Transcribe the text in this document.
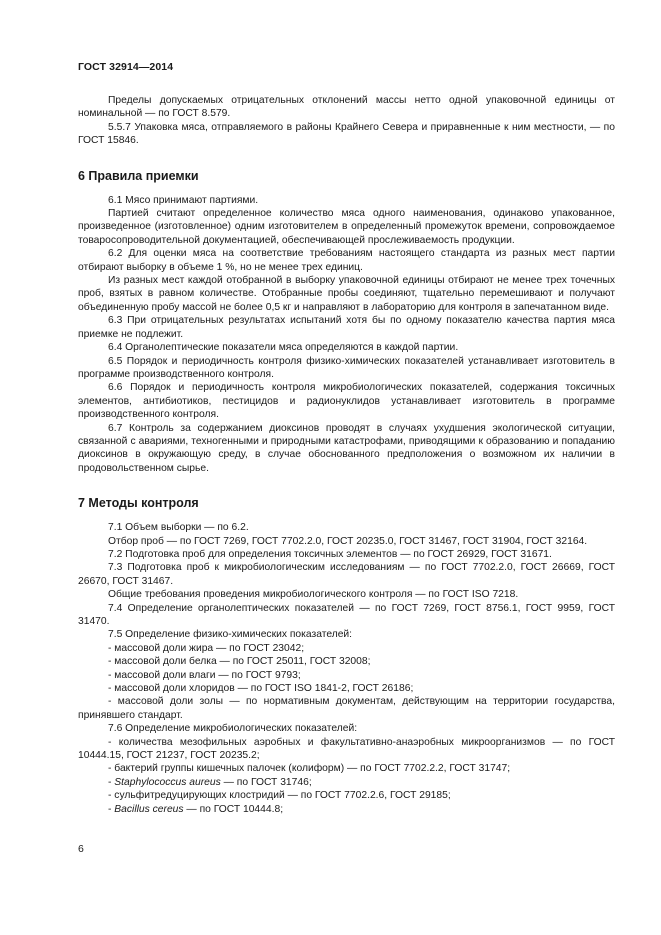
ГОСТ 32914—2014

Пределы допускаемых отрицательных отклонений массы нетто одной упаковочной единицы от номинальной — по ГОСТ 8.579.

5.5.7 Упаковка мяса, отправляемого в районы Крайнего Севера и приравненные к ним местности, — по ГОСТ 15846.

6 Правила приемки

6.1 Мясо принимают партиями.

Партией считают определенное количество мяса одного наименования, одинаково упакованное, произведенное (изготовленное) одним изготовителем в определенный промежуток времени, сопровождаемое товаросопроводительной документацией, обеспечивающей прослеживаемость продукции.

6.2 Для оценки мяса на соответствие требованиям настоящего стандарта из разных мест партии отбирают выборку в объеме 1 %, но не менее трех единиц.

Из разных мест каждой отобранной в выборку упаковочной единицы отбирают не менее трех точечных проб, взятых в равном количестве. Отобранные пробы соединяют, тщательно перемешивают и получают объединенную пробу массой не более 0,5 кг и направляют в лабораторию для контроля в запечатанном виде.

6.3 При отрицательных результатах испытаний хотя бы по одному показателю качества партия мяса приемке не подлежит.

6.4 Органолептические показатели мяса определяются в каждой партии.

6.5 Порядок и периодичность контроля физико-химических показателей устанавливает изготовитель в программе производственного контроля.

6.6 Порядок и периодичность контроля микробиологических показателей, содержания токсичных элементов, антибиотиков, пестицидов и радионуклидов устанавливает изготовитель в программе производственного контроля.

6.7 Контроль за содержанием диоксинов проводят в случаях ухудшения экологической ситуации, связанной с авариями, техногенными и природными катастрофами, приводящими к образованию и попаданию диоксинов в окружающую среду, в случае обоснованного предположения о возможном их наличии в продовольственном сырье.

7 Методы контроля

7.1 Объем выборки — по 6.2.

Отбор проб — по ГОСТ 7269, ГОСТ 7702.2.0, ГОСТ 20235.0, ГОСТ 31467, ГОСТ 31904, ГОСТ 32164.

7.2 Подготовка проб для определения токсичных элементов — по ГОСТ 26929, ГОСТ 31671.

7.3 Подготовка проб к микробиологическим исследованиям — по ГОСТ 7702.2.0, ГОСТ 26669, ГОСТ 26670, ГОСТ 31467.

Общие требования проведения микробиологического контроля — по ГОСТ ISO 7218.

7.4 Определение органолептических показателей — по ГОСТ 7269, ГОСТ 8756.1, ГОСТ 9959, ГОСТ 31470.

7.5 Определение физико-химических показателей:

- массовой доли жира — по ГОСТ 23042;

- массовой доли белка — по ГОСТ 25011, ГОСТ 32008;

- массовой доли влаги — по ГОСТ 9793;

- массовой доли хлоридов — по ГОСТ ISO 1841-2, ГОСТ 26186;

- массовой доли золы — по нормативным документам, действующим на территории государства, принявшего стандарт.

7.6 Определение микробиологических показателей:

- количества мезофильных аэробных и факультативно-анаэробных микроорганизмов — по ГОСТ 10444.15, ГОСТ 21237, ГОСТ 20235.2;

- бактерий группы кишечных палочек (колиформ) — по ГОСТ 7702.2.2, ГОСТ 31747;

- Staphylococcus aureus — по ГОСТ 31746;

- сульфитредуцирующих клостридий — по ГОСТ 7702.2.6, ГОСТ 29185;

- Bacillus cereus — по ГОСТ 10444.8;

6
